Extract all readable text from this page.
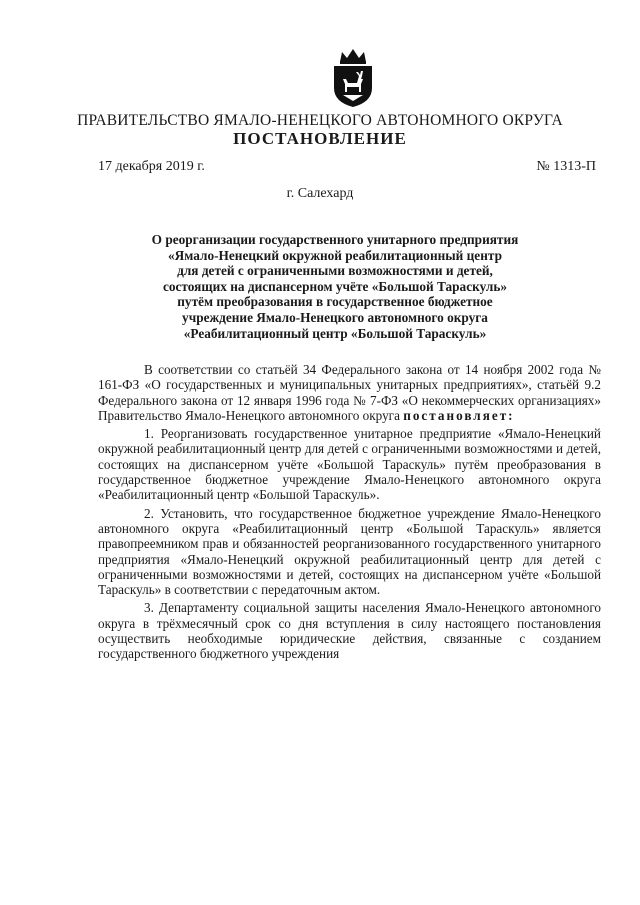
ПРАВИТЕЛЬСТВО ЯМАЛО-НЕНЕЦКОГО АВТОНОМНОГО ОКРУГА
ПОСТАНОВЛЕНИЕ
17 декабря 2019 г.	№ 1313-П
г. Салехард
О реорганизации государственного унитарного предприятия
«Ямало-Ненецкий окружной реабилитационный центр
для детей с ограниченными возможностями и детей,
состоящих на диспансерном учёте «Большой Тараскуль»
путём преобразования в государственное бюджетное
учреждение Ямало-Ненецкого автономного округа
«Реабилитационный центр «Большой Тараскуль»

В соответствии со статьёй 34 Федерального закона от 14 ноября 2002 года № 161-ФЗ «О государственных и муниципальных унитарных предприятиях», статьёй 9.2 Федерального закона от 12 января 1996 года № 7-ФЗ «О некоммерческих организациях» Правительство Ямало-Ненецкого автономного округа постановляет:

1. Реорганизовать государственное унитарное предприятие «Ямало-Ненецкий окружной реабилитационный центр для детей с ограниченными возможностями и детей, состоящих на диспансерном учёте «Большой Тараскуль» путём преобразования в государственное бюджетное учреждение Ямало-Ненецкого автономного округа «Реабилитационный центр «Большой Тараскуль».

2. Установить, что государственное бюджетное учреждение Ямало-Ненецкого автономного округа «Реабилитационный центр «Большой Тараскуль» является правопреемником прав и обязанностей реорганизованного государственного унитарного предприятия «Ямало-Ненецкий окружной реабилитационный центр для детей с ограниченными возможностями и детей, состоящих на диспансерном учёте «Большой Тараскуль» в соответствии с передаточным актом.

3. Департаменту социальной защиты населения Ямало-Ненецкого автономного округа в трёхмесячный срок со дня вступления в силу настоящего постановления осуществить необходимые юридические действия, связанные с созданием государственного бюджетного учреждения
